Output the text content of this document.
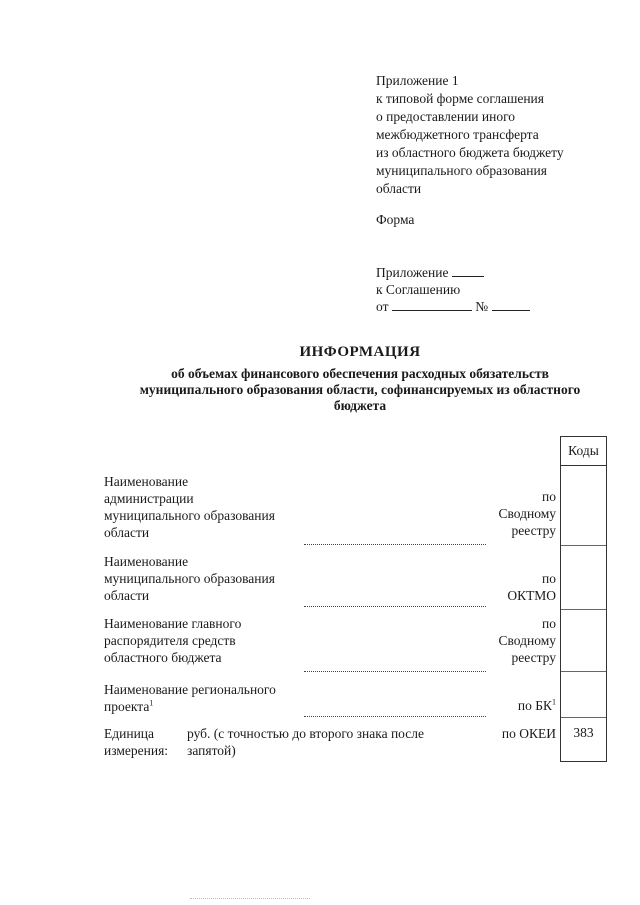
Приложение 1
к типовой форме соглашения
о предоставлении иного
межбюджетного трансферта
из областного бюджета бюджету
муниципального образования
области
Форма
Приложение
к Соглашению
от	№
ИНФОРМАЦИЯ
об объемах финансового обеспечения расходных обязательств
муниципального образования области, софинансируемых из областного
бюджета
Коды
383
Наименование
администрации
муниципального образования
области
по
Сводному
реестру
Наименование
муниципального образования
области
по
ОКТМО
Наименование главного
распорядителя средств
областного бюджета
по
Сводному
реестру
Наименование регионального
проекта$^1$	по $БК^1$
Единица
измерения:
руб. (с точностью до второго знака после
запятой)
по ОКЕИ
